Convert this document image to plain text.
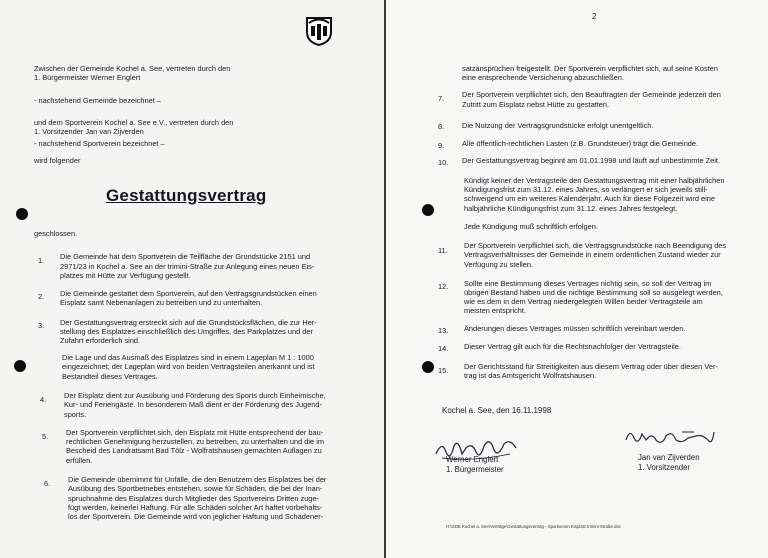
Zwischen der Gemeinde Kochel a. See, vertreten durch den
1. Bürgermeister Werner Englert
- nachstehend Gemeinde bezeichnet –
und dem Sportverein Kochel a. See e.V., vertreten durch den
1. Vorsitzender Jan van Zijverden
- nachstehend Sportverein bezeichnet –
wird folgender
Gestattungsvertrag
geschlossen.
1. Die Gemeinde hat dem Sportverein die Teilfläche der Grundstücke 2151 und
2971/23 in Kochel a. See an der trimini-Straße zur Anlegung eines neuen Eis-
platzes mit Hütte zur Verfügung gestellt.
2. Die Gemeinde gestattet dem Sportverein, auf den Vertragsgrundstücken einen
Eisplatz samt Nebenanlagen zu betreiben und zu unterhalten.
3. Der Gestattungsvertrag erstreckt sich auf die Grundstücksflächen, die zur Her-
stellung des Eisplatzes einschließlich des Umgriffes, des Parkplatzes und der
Zufahrt erforderlich sind.
Die Lage und das Ausmaß des Eisplatzes sind in einem Lageplan M 1 : 1000
eingezeichnet; der Lageplan wird von beiden Vertragsteilen anerkannt und ist
Bestandteil dieses Vertrages.
4. Der Eisplatz dient zur Ausübung und Förderung des Sports durch Einheimische,
Kur- und Feriengäste. In besonderem Maß dient er der Förderung des Jugend-
sports.
5. Der Sportverein verpflichtet sich, den Eisplatz mit Hütte entsprechend der bau-
rechtlichen Genehmigung herzustellen, zu betreiben, zu unterhalten und die im
Bescheid des Landratsamt Bad Tölz - Wolfratshausen gemachten Auflagen zu
erfüllen.
6. Die Gemeinde übernimmt für Unfälle, die den Benutzern des Eisplatzes bei der
Ausübung des Sportbetriebes entstehen, sowie für Schäden, die bei der Inan-
spruchnahme des Eisplatzes durch Mitglieder des Sportvereins Dritten zuge-
fügt werden, keinerlei Haftung. Für alle Schäden solcher Art haftet vorbehalts-
los der Sportverein. Die Gemeinde wird von jeglicher Haftung und Schadener-
2
satzansprüchen freigestellt. Der Sportverein verpflichtet sich, auf seine Kosten
eine entsprechende Versicherung abzuschließen.
7. Der Sportverein verpflichtet sich, den Beauftragten der Gemeinde jederzeit den
Zutritt zum Eisplatz nebst Hütte zu gestatten.
8. Die Nutzung der Vertragsgrundstücke erfolgt unentgeltlich.
9. Alle öffentlich-rechtlichen Lasten (z.B. Grundsteuer) trägt die Gemeinde.
10. Der Gestattungsvertrag beginnt am 01.01.1998 und läuft auf unbestimmte Zeit.
Kündigt keiner der Vertragsteile den Gestattungsvertrag mit einer halbjährlichen
Kündigungsfrist zum 31.12. eines Jahres, so verlängert er sich jeweils still-
schweigend um ein weiteres Kalenderjahr. Auch für diese Folgezeit wird eine
halbjährliche Kündigungsfrist zum 31.12. eines Jahres festgelegt.
Jede Kündigung muß schriftlich erfolgen.
11.
Der Sportverein verpflichtet sich, die Vertragsgrundstücke nach Beendigung des
Vertragsverhältnisses der Gemeinde in einem ordentlichen Zustand wieder zur
Verfügung zu stellen.
12. Sollte eine Bestimmung dieses Vertrages nichtig sein, so soll der Vertrag im
übrigen Bestand haben und die nichtige Bestimmung soll so ausgelegt werden,
wie es dem in dem Vertrag niedergelegten Willen beider Vertragsteile am
meisten entspricht.
13. Änderungen dieses Vertrages müssen schriftlich vereinbart werden.
14. Dieser Vertrag gilt auch für die Rechtsnachfolger der Vertragsteile.
15. Der Gerichtsstand für Streitigkeiten aus diesem Vertrag oder über diesen Ver-
trag ist das Amtsgericht Wolfratshausen.
Kochel a. See, den 16.11.1998
Werner Englert
1. Bürgermeister
Jan van Zijverden
1. Vorsitzender
H:\GDE Kochel a. See\Verträge\Gestattungsvertrag - Sportverein Eisplatz trimini-Straße.doc
